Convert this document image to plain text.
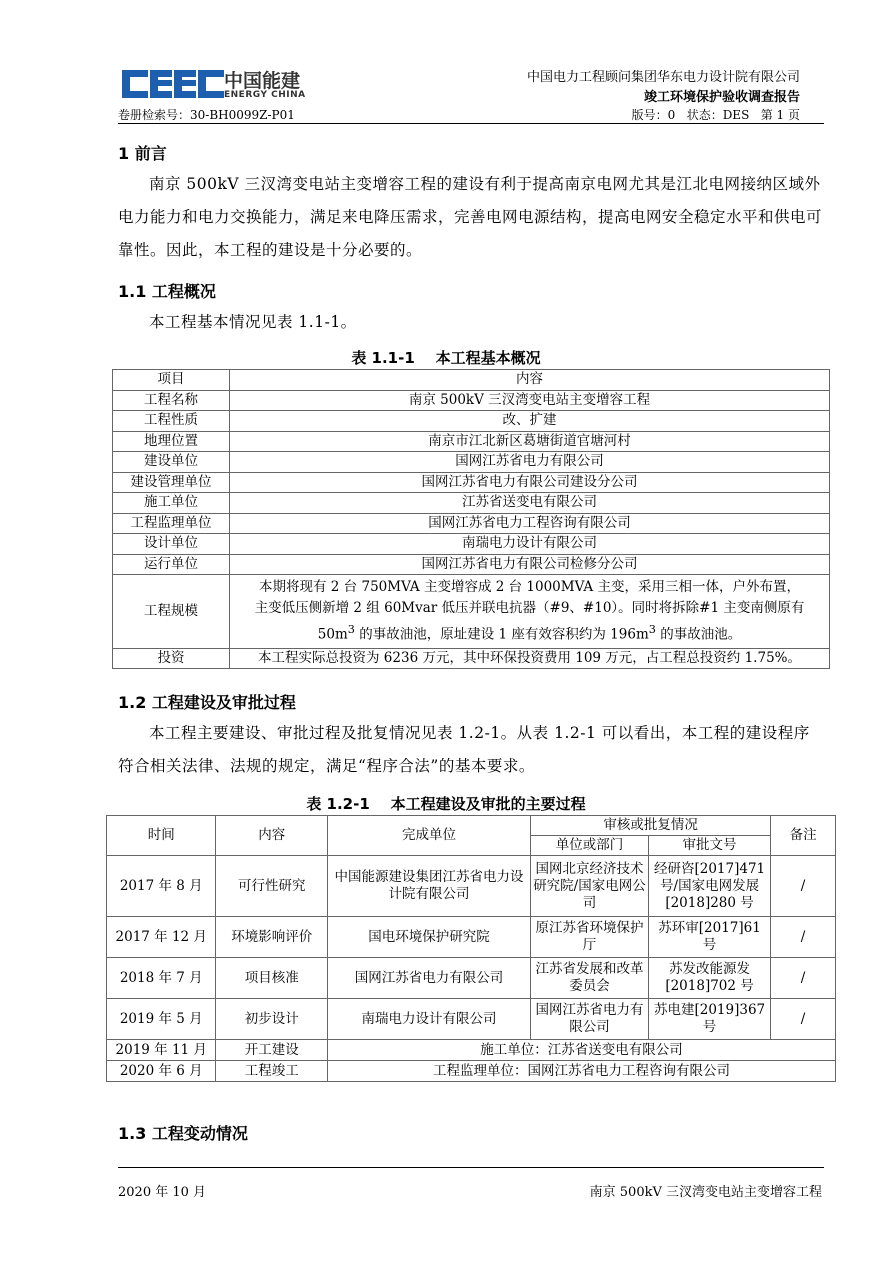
中国能建
ENERGY CHINA
中国电力工程顾问集团华东电力设计院有限公司
竣工环境保护验收调查报告
卷册检索号：30-BH0099Z-P01	版号：0   状态：DES   第 1 页
1 前言
南京 500kV 三汊湾变电站主变增容工程的建设有利于提高南京电网尤其是江北电网接纳区域外电力能力和电力交换能力，满足来电降压需求，完善电网电源结构，提高电网安全稳定水平和供电可靠性。因此，本工程的建设是十分必要的。
1.1 工程概况
本工程基本情况见表 1.1-1。
表 1.1-1    本工程基本概况
项目	内容
工程名称	南京 500kV 三汊湾变电站主变增容工程
工程性质	改、扩建
地理位置	南京市江北新区葛塘街道官塘河村
建设单位	国网江苏省电力有限公司
建设管理单位	国网江苏省电力有限公司建设分公司
施工单位	江苏省送变电有限公司
工程监理单位	国网江苏省电力工程咨询有限公司
设计单位	南瑞电力设计有限公司
运行单位	国网江苏省电力有限公司检修分公司
工程规模	本期将现有 2 台 750MVA 主变增容成 2 台 1000MVA 主变，采用三相一体，户外布置，
主变低压侧新增 2 组 60Mvar 低压并联电抗器（#9、#10）。同时将拆除#1 主变南侧原有
$50m^3$ 的事故油池，原址建设 1 座有效容积约为 $196m^3$ 的事故油池。

投资	本工程实际总投资为 6236 万元，其中环保投资费用 109 万元，占工程总投资约 1.75%。
1.2 工程建设及审批过程
本工程主要建设、审批过程及批复情况见表 1.2-1。从表 1.2-1 可以看出，本工程的建设程序符合相关法律、法规的规定，满足“程序合法”的基本要求。
表 1.2-1    本工程建设及审批的主要过程
时间	内容	完成单位	审核或批复情况		备注
			单位或部门	审批文号	
2017 年 8 月	可行性研究	中国能源建设集团江苏省电力设计院有限公司	国网北京经济技术研究院/国家电网公司	经研咨[2017]471号/国家电网发展[2018]280 号	/
2017 年 12 月	环境影响评价	国电环境保护研究院	原江苏省环境保护厅	苏环审[2017]61 号	/
2018 年 7 月	项目核准	国网江苏省电力有限公司	江苏省发展和改革委员会	苏发改能源发[2018]702 号	/
2019 年 5 月	初步设计	南瑞电力设计有限公司	国网江苏省电力有限公司	苏电建[2019]367号	/
2019 年 11 月	开工建设	施工单位：江苏省送变电有限公司			
2020 年 6 月	工程竣工	工程监理单位：国网江苏省电力工程咨询有限公司			
1.3 工程变动情况
2020 年 10 月	南京 500kV 三汊湾变电站主变增容工程
